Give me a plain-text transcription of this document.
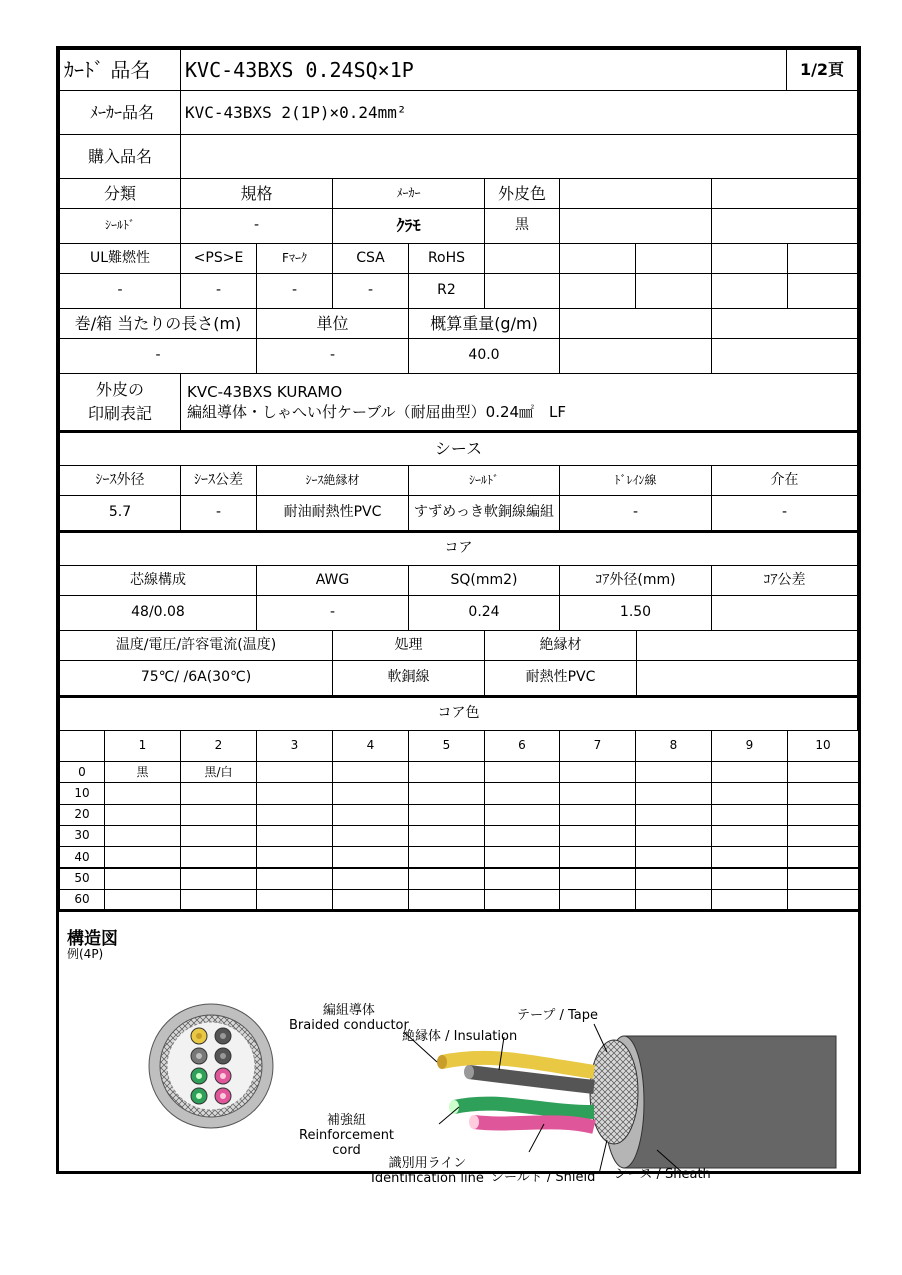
ｶｰﾄﾞ 品名	KVC-43BXS 0.24SQ×1P	1/2頁
ﾒｰｶｰ品名	KVC-43BXS 2(1P)×0.24mm²
購入品名
分類	規格	ﾒｰｶｰ	外皮色
ｼｰﾙﾄﾞ	-	ｸﾗﾓ	黒
UL難燃性	<PS>E	Fﾏｰｸ	CSA	RoHS
-	-	-	-	R2
巻/箱 当たりの長さ(m)	単位	概算重量(g/m)
-	-	40.0
外皮の
印刷表記
KVC-43BXS KURAMO
編組導体・しゃへい付ケーブル（耐屈曲型）0.24㎟　LF
シース
ｼｰｽ外径	ｼｰｽ公差	ｼｰｽ絶縁材	ｼｰﾙﾄﾞ	ﾄﾞﾚｲﾝ線	介在
5.7	-	耐油耐熱性PVC	すずめっき軟銅線編組	-	-
コア
芯線構成	AWG	SQ(mm2)	ｺｱ外径(mm)	ｺｱ公差
48/0.08	-	0.24	1.50
温度/電圧/許容電流(温度)	処理	絶縁材
75℃/ /6A(30℃)	軟銅線	耐熱性PVC
コア色
1	2	3	4	5	6	7	8	9	10
0	黒	黒/白
10
20
30
40
50
60
構造図
例(4P)
編組導体
Braided conductor
絶縁体 / Insulation
テープ / Tape
補強紐
Reinforcement
cord
識別用ライン
Identification line シールド / Shield シース / Sheath
